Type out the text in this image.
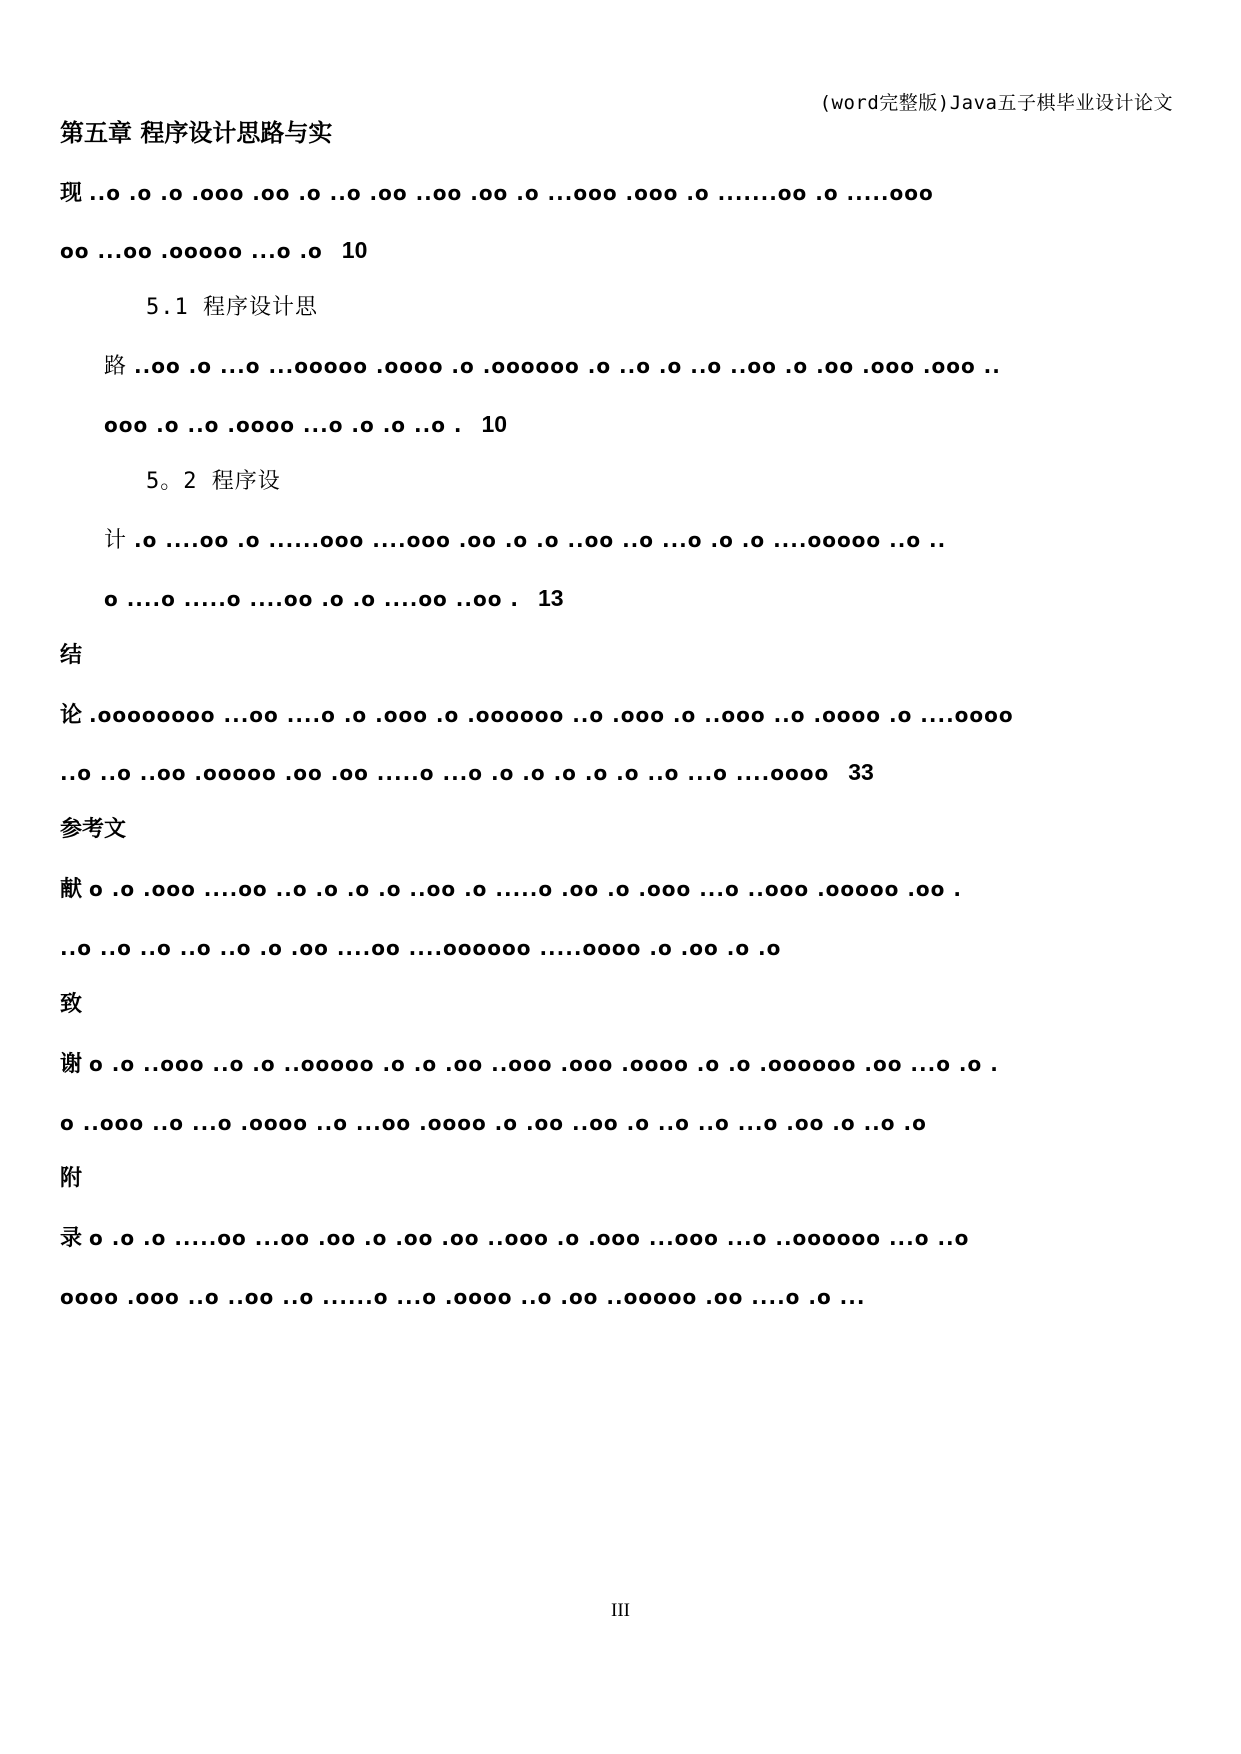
(word完整版)Java五子棋毕业设计论文
第五章 程序设计思路与实
现 ..o .o .o .ooo .oo .o ..o .oo ..oo .oo .o ...ooo .ooo .o .......oo .o .....ooo
oo ...oo .ooooo ...o .o 10
5.1 程序设计思
路 ..oo .o ...o ...ooooo .oooo .o .oooooo .o ..o .o ..o ..oo .o .oo .ooo .ooo ..
ooo .o ..o .oooo ...o .o .o ..o . 10
5。2 程序设
计 .o ....oo .o ......ooo ....ooo .oo .o .o ..oo ..o ...o .o .o ....ooooo ..o ..
o ....o .....o ....oo .o .o ....oo ..oo . 13
结
论 .oooooooo ...oo ....o .o .ooo .o .oooooo ..o .ooo .o ..ooo ..o .oooo .o ....oooo
..o ..o ..oo .ooooo .oo .oo .....o ...o .o .o .o .o .o ..o ...o ....oooo 33
参考文
献 o .o .ooo ....oo ..o .o .o .o ..oo .o .....o .oo .o .ooo ...o ..ooo .ooooo .oo .
..o ..o ..o ..o ..o .o .oo ....oo ....oooooo .....oooo .o .oo .o .o
致
谢 o .o ..ooo ..o .o ..ooooo .o .o .oo ..ooo .ooo .oooo .o .o .oooooo .oo ...o .o .
o ..ooo ..o ...o .oooo ..o ...oo .oooo .o .oo ..oo .o ..o ..o ...o .oo .o ..o .o
附
录 o .o .o .....oo ...oo .oo .o .oo .oo ..ooo .o .ooo ...ooo ...o ..oooooo ...o ..o
oooo .ooo ..o ..oo ..o ......o ...o .oooo ..o .oo ..ooooo .oo ....o .o ...
III
